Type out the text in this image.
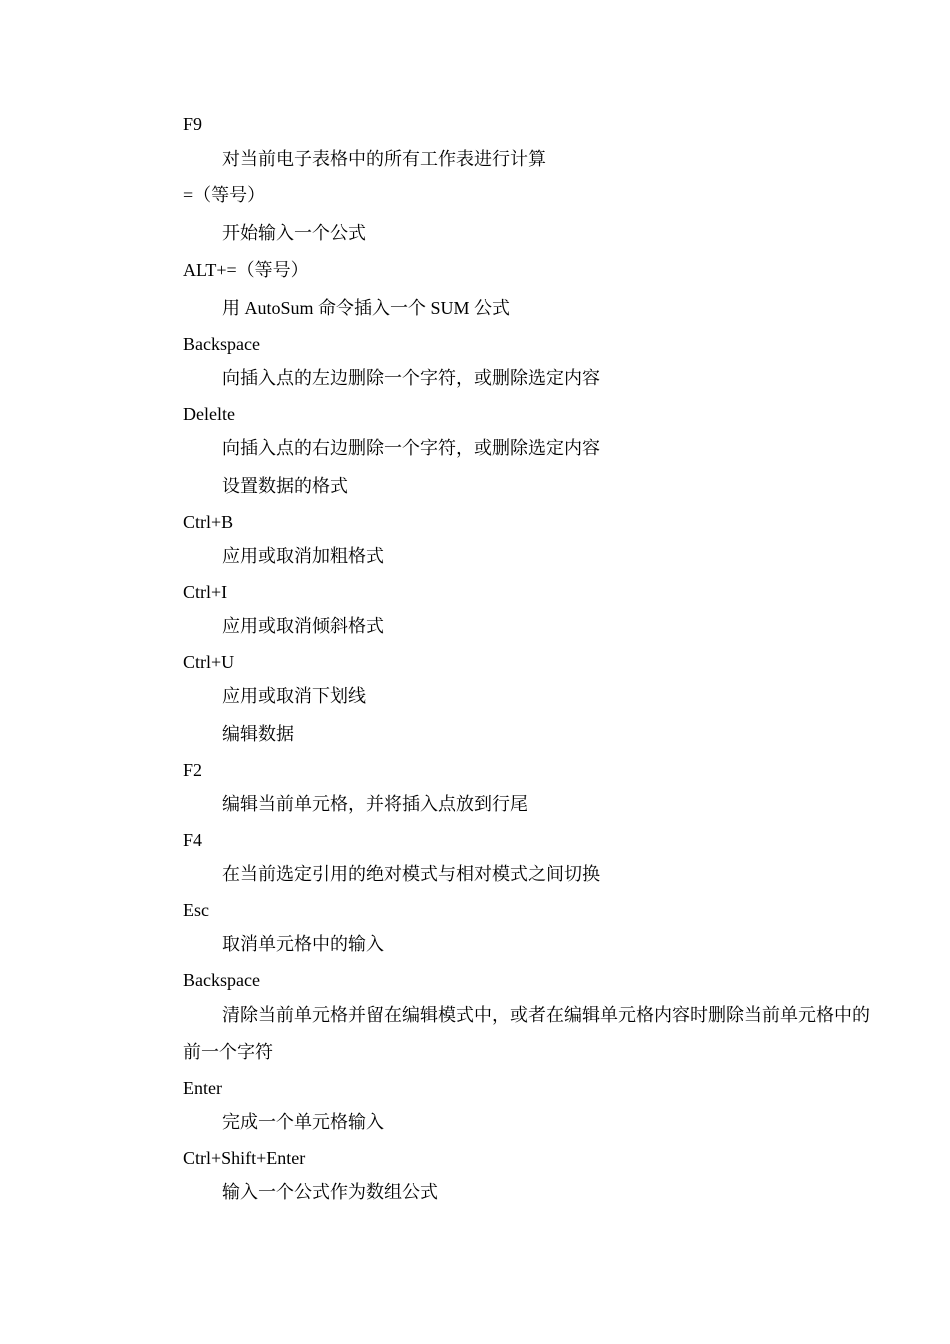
F9
对当前电子表格中的所有工作表进行计算
=（等号）
开始输入一个公式
ALT+=（等号）
用 AutoSum 命令插入一个 SUM 公式
Backspace
向插入点的左边删除一个字符，或删除选定内容
Delelte
向插入点的右边删除一个字符，或删除选定内容
设置数据的格式
Ctrl+B
应用或取消加粗格式
Ctrl+I
应用或取消倾斜格式
Ctrl+U
应用或取消下划线
编辑数据
F2
编辑当前单元格，并将插入点放到行尾
F4
在当前选定引用的绝对模式与相对模式之间切换
Esc
取消单元格中的输入
Backspace
清除当前单元格并留在编辑模式中，或者在编辑单元格内容时删除当前单元格中的
前一个字符
Enter
完成一个单元格输入
Ctrl+Shift+Enter
输入一个公式作为数组公式
